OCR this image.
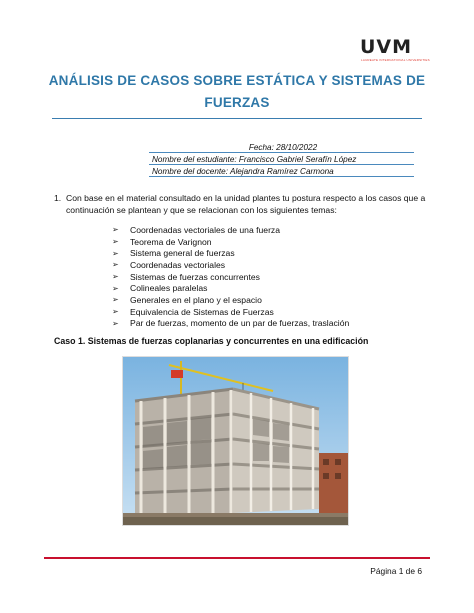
UVM
LAUREATE INTERNATIONAL UNIVERSITIES
ANÁLISIS DE CASOS SOBRE ESTÁTICA Y SISTEMAS DE
FUERZAS
Fecha: 28/10/2022
Nombre del estudiante: Francisco Gabriel Serafín López
Nombre del docente: Alejandra Ramírez Carmona
1. Con base en el material consultado en la unidad plantes tu postura respecto a los casos que a continuación se plantean y que se relacionan con los siguientes temas:
➢	Coordenadas vectoriales de una fuerza
➢	Teorema de Varignon
➢	Sistema general de fuerzas
➢	Coordenadas vectoriales
➢	Sistemas de fuerzas concurrentes
➢	Colineales paralelas
➢	Generales en el plano y el espacio
➢	Equivalencia de Sistemas de Fuerzas
➢	Par de fuerzas, momento de un par de fuerzas, traslación
Caso 1. Sistemas de fuerzas coplanarias y concurrentes en una edificación
Página 1 de 6
